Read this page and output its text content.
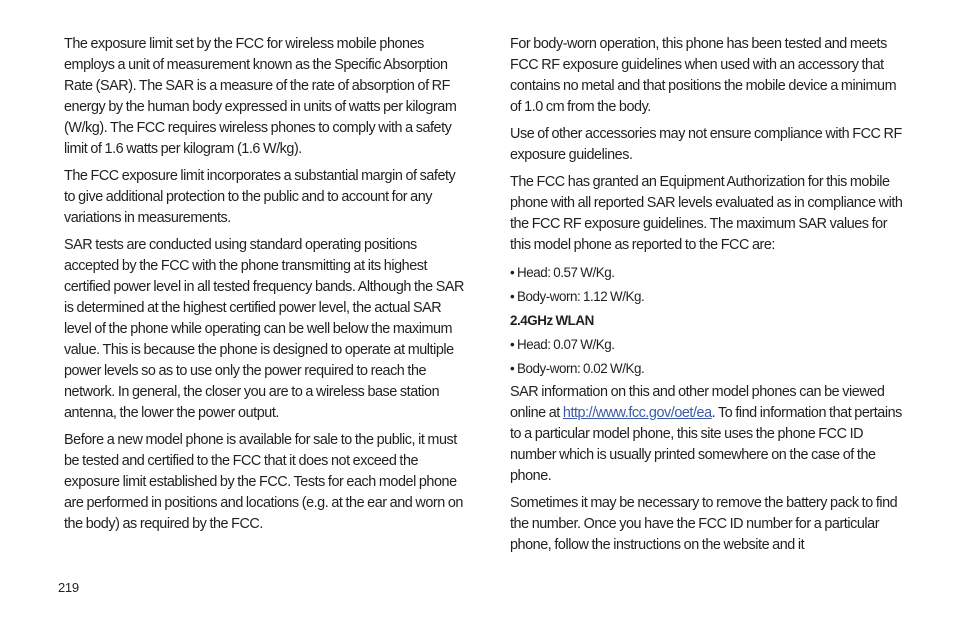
The exposure limit set by the FCC for wireless mobile phones employs a unit of measurement known as the Specific Absorption Rate (SAR). The SAR is a measure of the rate of absorption of RF energy by the human body expressed in units of watts per kilogram (W/kg). The FCC requires wireless phones to comply with a safety limit of 1.6 watts per kilogram (1.6 W/kg).

The FCC exposure limit incorporates a substantial margin of safety to give additional protection to the public and to account for any variations in measurements.

SAR tests are conducted using standard operating positions accepted by the FCC with the phone transmitting at its highest certified power level in all tested frequency bands. Although the SAR is determined at the highest certified power level, the actual SAR level of the phone while operating can be well below the maximum value. This is because the phone is designed to operate at multiple power levels so as to use only the power required to reach the network. In general, the closer you are to a wireless base station antenna, the lower the power output.

Before a new model phone is available for sale to the public, it must be tested and certified to the FCC that it does not exceed the exposure limit established by the FCC. Tests for each model phone are performed in positions and locations (e.g. at the ear and worn on the body) as required by the FCC.

For body-worn operation, this phone has been tested and meets FCC RF exposure guidelines when used with an accessory that contains no metal and that positions the mobile device a minimum of 1.0 cm from the body.

Use of other accessories may not ensure compliance with FCC RF exposure guidelines.

The FCC has granted an Equipment Authorization for this mobile phone with all reported SAR levels evaluated as in compliance with the FCC RF exposure guidelines. The maximum SAR values for this model phone as reported to the FCC are:

• Head: 0.57 W/Kg.

• Body-worn: 1.12 W/Kg.

2.4GHz WLAN

• Head: 0.07 W/Kg.

• Body-worn: 0.02 W/Kg.

SAR information on this and other model phones can be viewed online at http://www.fcc.gov/oet/ea. To find information that pertains to a particular model phone, this site uses the phone FCC ID number which is usually printed somewhere on the case of the phone.

Sometimes it may be necessary to remove the battery pack to find the number. Once you have the FCC ID number for a particular phone, follow the instructions on the website and it

219
